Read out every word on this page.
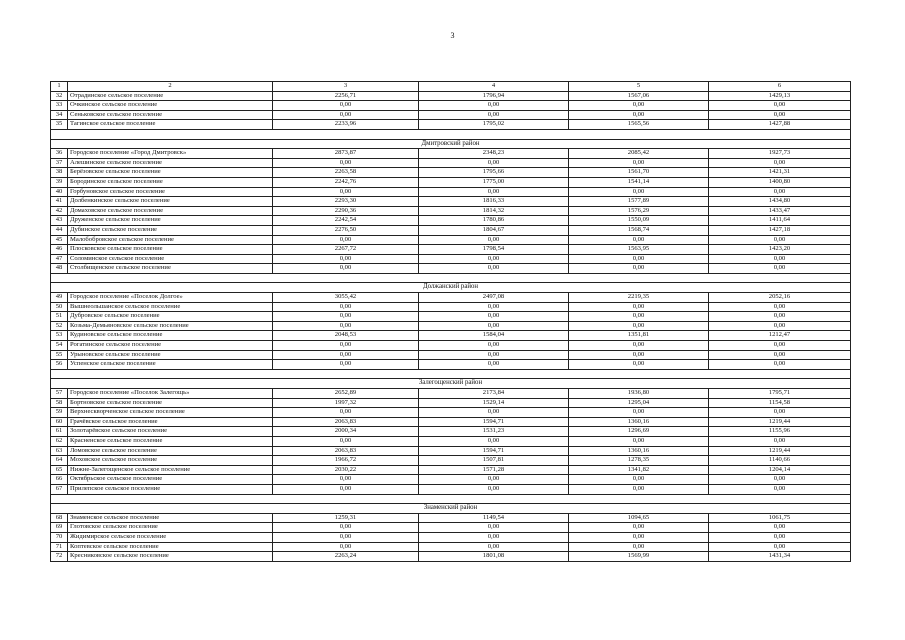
3
1	2	3	4	5	6
32	Отрадинское сельское поселение	2256,71	1796,94	1567,06	1429,13
33	Очкинское сельское поселение	0,00	0,00	0,00	0,00
34	Сеньковское сельское поселение	0,00	0,00	0,00	0,00
35	Тагинское сельское поселение	2233,96	1795,02	1565,56	1427,88

Дмитровский район					
36	Городское поселение «Город Дмитровск»	2873,87	2348,23	2085,42	1927,73
37	Алешинское сельское поселение	0,00	0,00	0,00	0,00
38	Берёзовское сельское поселение	2263,58	1795,66	1561,70	1421,31
39	Бородинское сельское поселение	2242,76	1775,00	1541,14	1400,80
40	Горбуновское сельское поселение	0,00	0,00	0,00	0,00
41	Долбенкинское сельское поселение	2293,30	1816,33	1577,89	1434,80
42	Домаховское сельское поселение	2290,36	1814,32	1576,29	1433,47
43	Друженское сельское поселение	2242,54	1780,86	1550,09	1411,64
44	Дубинское сельское поселение	2276,50	1804,67	1568,74	1427,18
45	Малобобровское сельское поселение	0,00	0,00	0,00	0,00
46	Плосковское сельское поселение	2267,72	1798,54	1563,95	1423,20
47	Соломинское сельское поселение	0,00	0,00	0,00	0,00
48	Столбищенское сельское поселение	0,00	0,00	0,00	0,00

Должанский район					
49	Городское поселение «Поселок Долгое»	3055,42	2497,08	2219,35	2052,16
50	Вышнеольшанское сельское поселение	0,00	0,00	0,00	0,00
51	Дубровское сельское поселение	0,00	0,00	0,00	0,00
52	Козьма-Демьяновское сельское поселение	0,00	0,00	0,00	0,00
53	Кудиновское сельское поселение	2048,53	1584,04	1351,81	1212,47
54	Рогатинское сельское поселение	0,00	0,00	0,00	0,00
55	Урыновское сельское поселение	0,00	0,00	0,00	0,00
56	Успенское сельское поселение	0,00	0,00	0,00	0,00

Залегощенский район					
57	Городское поселение «Поселок Залегощь»	2652,89	2173,84	1936,80	1795,71
58	Бортновское сельское поселение	1997,32	1529,14	1295,04	1154,58
59	Верхнескворченское сельское поселение	0,00	0,00	0,00	0,00
60	Грачёвское сельское поселение	2063,83	1594,71	1360,16	1219,44
61	Золотарёвское сельское поселение	2000,34	1531,23	1296,69	1155,96
62	Красненское сельское поселение	0,00	0,00	0,00	0,00
63	Ломовское сельское поселение	2063,83	1594,71	1360,16	1219,44
64	Моховское сельское поселение	1966,72	1507,81	1278,35	1140,66
65	Нижне-Залегощенское сельское поселение	2030,22	1571,28	1341,82	1204,14
66	Октябрьское сельское поселение	0,00	0,00	0,00	0,00
67	Прилепское сельское поселение	0,00	0,00	0,00	0,00

Знаменский район					
68	Знаменское сельское поселение	1259,31	1149,54	1094,65	1061,75
69	Глотовское сельское поселение	0,00	0,00	0,00	0,00
70	Жидимирское сельское поселение	0,00	0,00	0,00	0,00
71	Коптевское сельское поселение	0,00	0,00	0,00	0,00
72	Кресниковское сельское поселение	2263,24	1801,08	1569,99	1431,34
